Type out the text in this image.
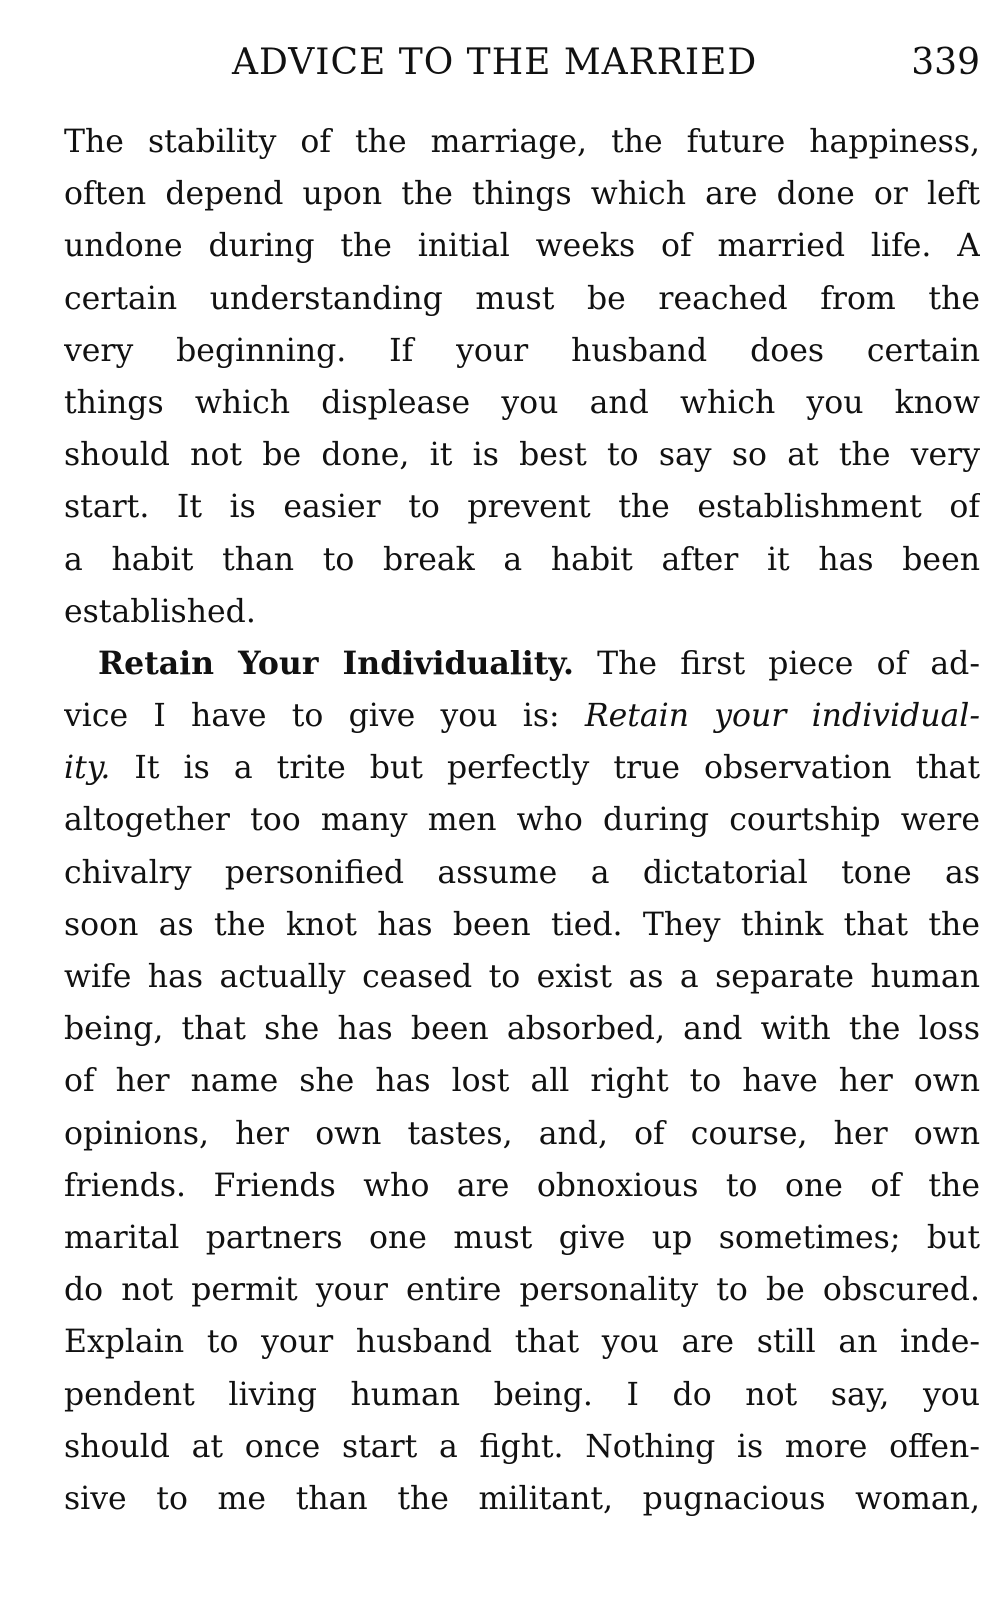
ADVICE TO THE MARRIED	339
The stability of the marriage, the future happiness,
often depend upon the things which are done or left
undone during the initial weeks of married life. A
certain understanding must be reached from the
very beginning. If your husband does certain
things which displease you and which you know
should not be done, it is best to say so at the very
start. It is easier to prevent the establishment of
a habit than to break a habit after it has been
established.
Retain Your Individuality. The first piece of ad-
vice I have to give you is: Retain your individual-
ity. It is a trite but perfectly true observation that
altogether too many men who during courtship were
chivalry personified assume a dictatorial tone as
soon as the knot has been tied. They think that the
wife has actually ceased to exist as a separate human
being, that she has been absorbed, and with the loss
of her name she has lost all right to have her own
opinions, her own tastes, and, of course, her own
friends. Friends who are obnoxious to one of the
marital partners one must give up sometimes; but
do not permit your entire personality to be obscured.
Explain to your husband that you are still an inde-
pendent living human being. I do not say, you
should at once start a fight. Nothing is more offen-
sive to me than the militant, pugnacious woman,
